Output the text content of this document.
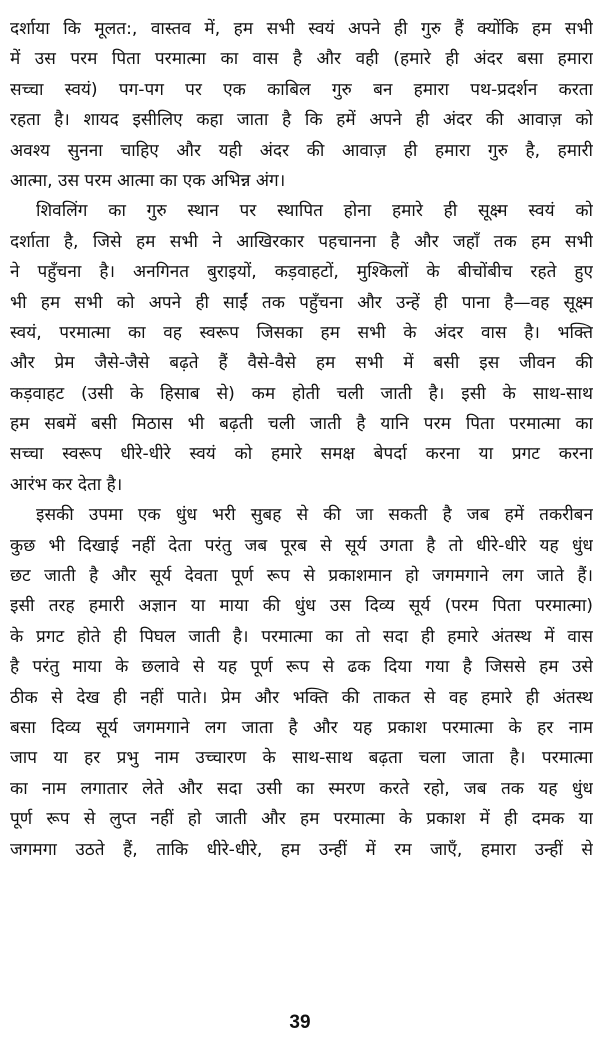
दर्शाया कि मूलत:, वास्तव में, हम सभी स्वयं अपने ही गुरु हैं क्योंकि हम सभी
में उस परम पिता परमात्मा का वास है और वही (हमारे ही अंदर बसा हमारा
सच्चा स्वयं) पग-पग पर एक काबिल गुरु बन हमारा पथ-प्रदर्शन करता
रहता है। शायद इसीलिए कहा जाता है कि हमें अपने ही अंदर की आवाज़ को
अवश्य सुनना चाहिए और यही अंदर की आवाज़ ही हमारा गुरु है, हमारी
आत्मा, उस परम आत्मा का एक अभिन्न अंग।
शिवलिंग का गुरु स्थान पर स्थापित होना हमारे ही सूक्ष्म स्वयं को
दर्शाता है, जिसे हम सभी ने आखिरकार पहचानना है और जहाँ तक हम सभी
ने पहुँचना है। अनगिनत बुराइयों, कड़वाहटों, मुश्किलों के बीचोंबीच रहते हुए
भी हम सभी को अपने ही साईं तक पहुँचना और उन्हें ही पाना है—वह सूक्ष्म
स्वयं, परमात्मा का वह स्वरूप जिसका हम सभी के अंदर वास है। भक्ति
और प्रेम जैसे-जैसे बढ़ते हैं वैसे-वैसे हम सभी में बसी इस जीवन की
कड़वाहट (उसी के हिसाब से) कम होती चली जाती है। इसी के साथ-साथ
हम सबमें बसी मिठास भी बढ़ती चली जाती है यानि परम पिता परमात्मा का
सच्चा स्वरूप धीरे-धीरे स्वयं को हमारे समक्ष बेपर्दा करना या प्रगट करना
आरंभ कर देता है।
इसकी उपमा एक धुंध भरी सुबह से की जा सकती है जब हमें तकरीबन
कुछ भी दिखाई नहीं देता परंतु जब पूरब से सूर्य उगता है तो धीरे-धीरे यह धुंध
छट जाती है और सूर्य देवता पूर्ण रूप से प्रकाशमान हो जगमगाने लग जाते हैं।
इसी तरह हमारी अज्ञान या माया की धुंध उस दिव्य सूर्य (परम पिता परमात्मा)
के प्रगट होते ही पिघल जाती है। परमात्मा का तो सदा ही हमारे अंतस्थ में वास
है परंतु माया के छलावे से यह पूर्ण रूप से ढक दिया गया है जिससे हम उसे
ठीक से देख ही नहीं पाते। प्रेम और भक्ति की ताकत से वह हमारे ही अंतस्थ
बसा दिव्य सूर्य जगमगाने लग जाता है और यह प्रकाश परमात्मा के हर नाम
जाप या हर प्रभु नाम उच्चारण के साथ-साथ बढ़ता चला जाता है। परमात्मा
का नाम लगातार लेते और सदा उसी का स्मरण करते रहो, जब तक यह धुंध
पूर्ण रूप से लुप्त नहीं हो जाती और हम परमात्मा के प्रकाश में ही दमक या
जगमगा उठते हैं, ताकि धीरे-धीरे, हम उन्हीं में रम जाएँ, हमारा उन्हीं से
39
